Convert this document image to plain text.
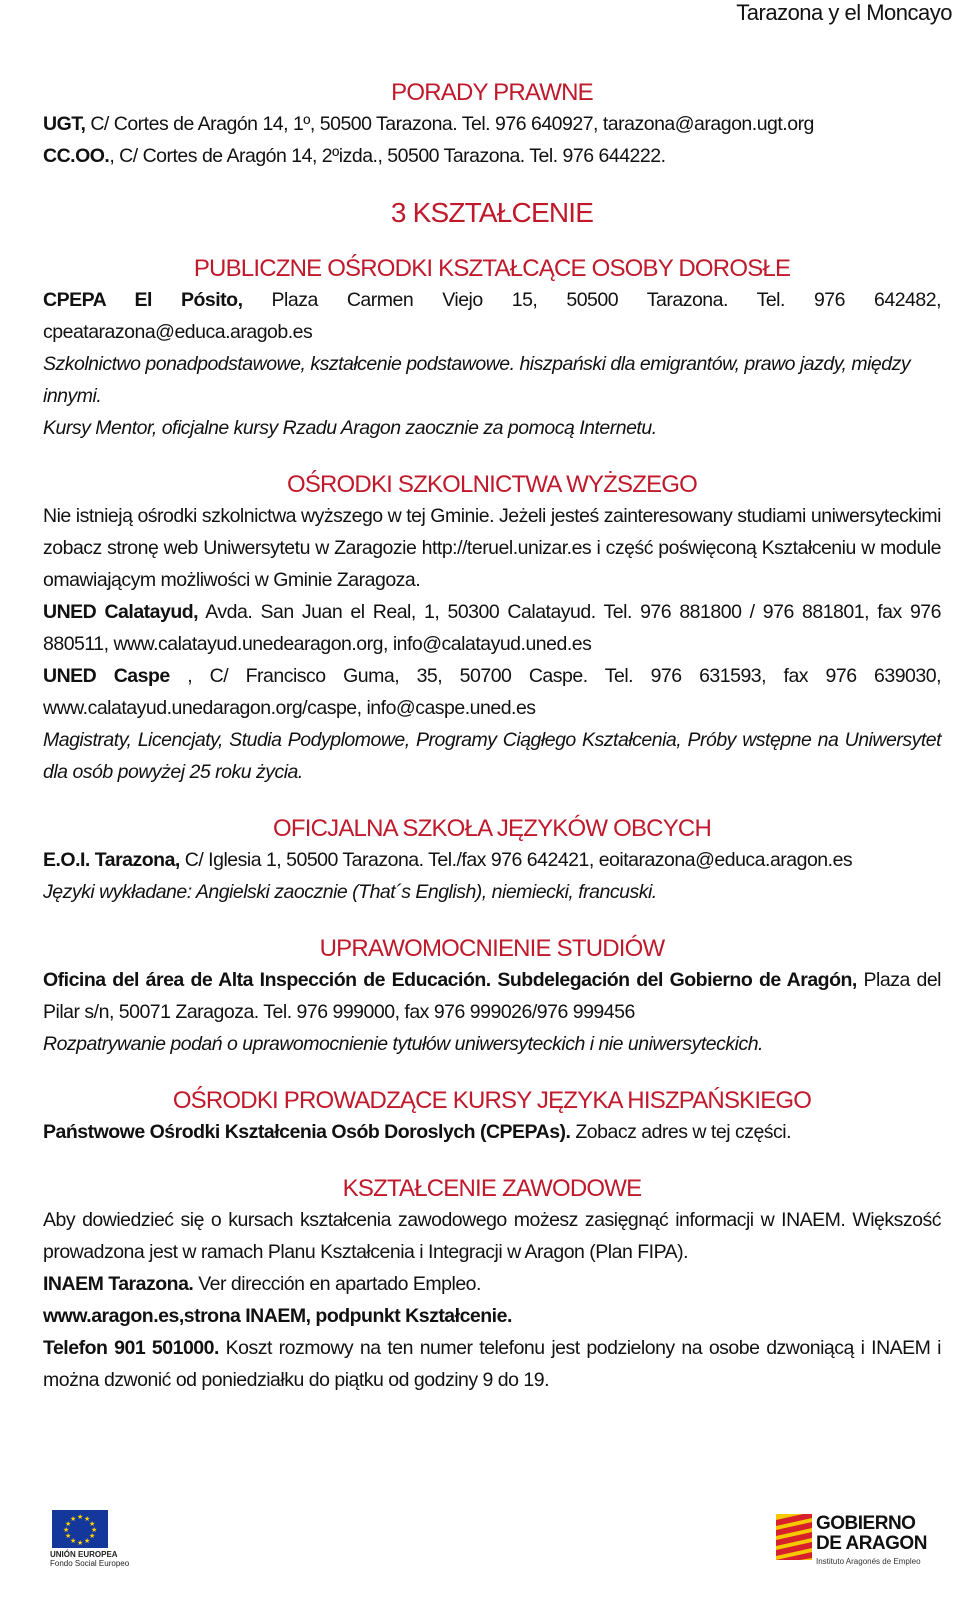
Tarazona y el Moncayo
PORADY PRAWNE

UGT, C/ Cortes de Aragón 14, 1º, 50500 Tarazona. Tel. 976 640927, tarazona@aragon.ugt.org

CC.OO., C/ Cortes de Aragón 14, 2ºizda., 50500 Tarazona. Tel. 976 644222.

3 KSZTAŁCENIE
PUBLICZNE OŚRODKI KSZTAŁCĄCE OSOBY DOROSŁE

CPEPA El Pósito, Plaza Carmen Viejo 15, 50500 Tarazona. Tel. 976 642482, cpeatarazona@educa.aragob.es

Szkolnictwo ponadpodstawowe, kształcenie podstawowe. hiszpański dla emigrantów, prawo jazdy, między innymi.

Kursy Mentor, oficjalne kursy Rzadu Aragon zaocznie za pomocą Internetu.

OŚRODKI SZKOLNICTWA WYŻSZEGO

Nie istnieją ośrodki szkolnictwa wyższego w tej Gminie. Jeżeli jesteś zainteresowany studiami uniwersyteckimi zobacz stronę web Uniwersytetu w Zaragozie http://teruel.unizar.es i część poświęconą Kształceniu w module omawiającym możliwości w Gminie Zaragoza.

UNED Calatayud, Avda. San Juan el Real, 1, 50300 Calatayud. Tel. 976 881800 / 976 881801, fax 976 880511, www.calatayud.unedearagon.org, info@calatayud.uned.es

UNED Caspe , C/ Francisco Guma, 35, 50700 Caspe. Tel. 976 631593, fax 976 639030, www.calatayud.unedaragon.org/caspe, info@caspe.uned.es

Magistraty, Licencjaty, Studia Podyplomowe, Programy Ciągłego Kształcenia, Próby wstępne na Uniwersytet dla osób powyżej 25 roku życia.

OFICJALNA SZKOŁA JĘZYKÓW OBCYCH

E.O.I. Tarazona, C/ Iglesia 1, 50500 Tarazona. Tel./fax 976 642421, eoitarazona@educa.aragon.es

Języki wykładane: Angielski zaocznie (That´s English), niemiecki, francuski.

UPRAWOMOCNIENIE STUDIÓW

Oficina del área de Alta Inspección de Educación. Subdelegación del Gobierno de Aragón, Plaza del Pilar s/n, 50071 Zaragoza. Tel. 976 999000, fax 976 999026/976 999456

Rozpatrywanie podań o uprawomocnienie tytułów uniwersyteckich i nie uniwersyteckich.

OŚRODKI PROWADZĄCE KURSY JĘZYKA HISZPAŃSKIEGO

Państwowe Ośrodki Kształcenia Osób Doroslych (CPEPAs). Zobacz adres w tej części.

KSZTAŁCENIE ZAWODOWE

Aby dowiedzieć się o kursach kształcenia zawodowego możesz zasięgnąć informacji w INAEM. Większość prowadzona jest w ramach Planu Kształcenia i Integracji w Aragon (Plan FIPA).

INAEM Tarazona. Ver dirección en apartado Empleo.

www.aragon.es,strona INAEM, podpunkt Kształcenie.

Telefon 901 501000. Koszt rozmowy na ten numer telefonu jest podzielony na osobe dzwoniącą i INAEM i można dzwonić od poniedziałku do piątku od godziny 9 do 19.

★ ★
★
★
★
★
★
★
★
★
★
★
UNIÓN EUROPEA
Fondo Social Europeo
GOBIERNO
DE ARAGON
Instituto Aragonés de Empleo
